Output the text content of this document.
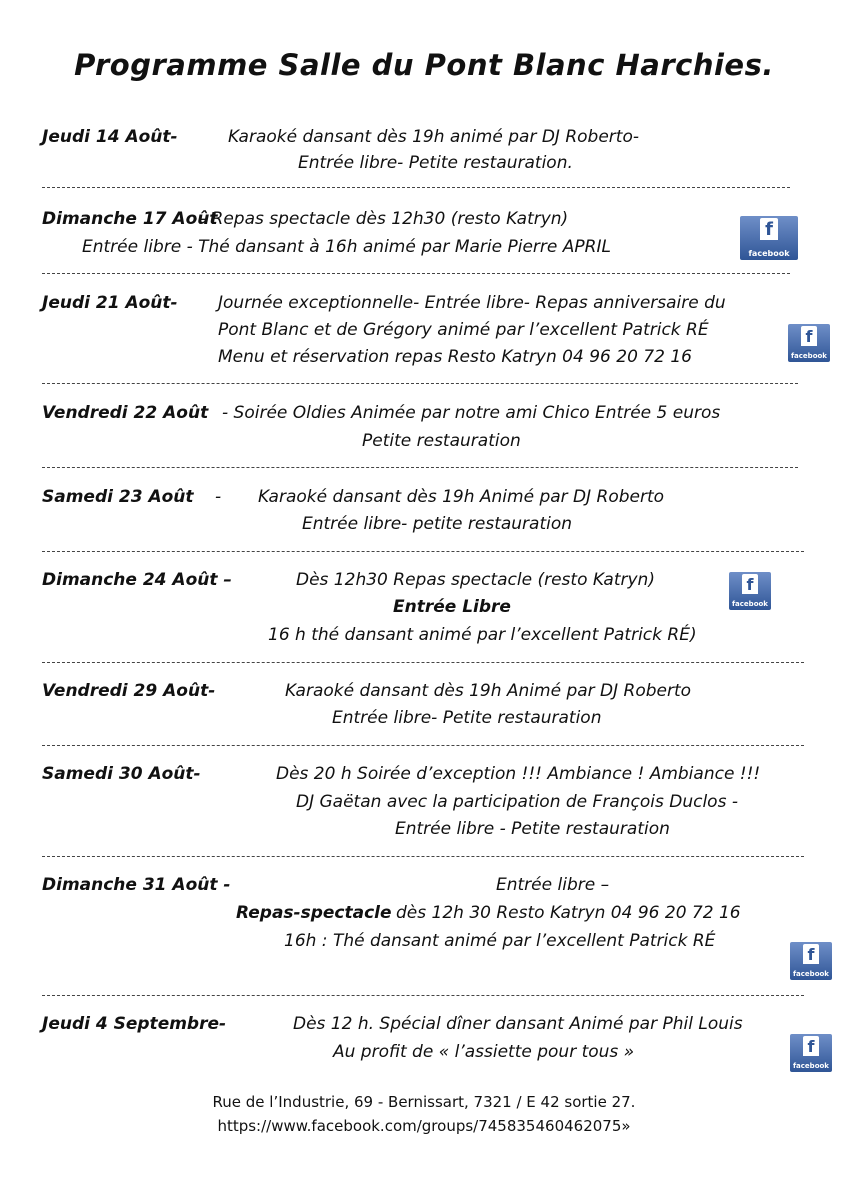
Programme Salle du Pont Blanc Harchies.
Jeudi 14 Août-	Karaoké dansant dès 19h animé par DJ Roberto-
Entrée libre- Petite restauration.
Dimanche 17 Août
- Repas spectacle dès 12h30 (resto Katryn)
Entrée libre - Thé dansant à 16h animé par Marie Pierre APRIL
f
facebook
Jeudi 21 Août- Journée exceptionnelle- Entrée libre- Repas anniversaire du
Pont Blanc et de Grégory animé par l’excellent Patrick RÉ
Menu et réservation repas Resto Katryn 04 96 20 72 16
f
facebook
Vendredi 22 Août - Soirée Oldies Animée par notre ami Chico Entrée 5 euros
Petite restauration
Samedi 23 Août - Karaoké dansant dès 19h Animé par DJ Roberto
Entrée libre- petite restauration
Dimanche 24 Août –	Dès 12h30 Repas spectacle (resto Katryn)
Entrée Libre
16 h thé dansant animé par l’excellent Patrick RÉ)
f
facebook
Vendredi 29 Août-	Karaoké dansant dès 19h Animé par DJ Roberto
Entrée libre- Petite restauration
Samedi 30 Août-	Dès 20 h Soirée d’exception !!! Ambiance ! Ambiance !!!
DJ Gaëtan avec la participation de François Duclos -
Entrée libre - Petite restauration
Dimanche 31 Août -	Entrée libre –
Repas-spectacle dès 12h 30 Resto Katryn 04 96 20 72 16
16h : Thé dansant animé par l’excellent Patrick RÉ
f
facebook
Jeudi 4 Septembre-	Dès 12 h. Spécial dîner dansant Animé par Phil Louis
Au profit de « l’assiette pour tous »	f
facebook
Rue de l’Industrie, 69 - Bernissart, 7321 / E 42 sortie 27.
https://www.facebook.com/groups/745835460462075»
